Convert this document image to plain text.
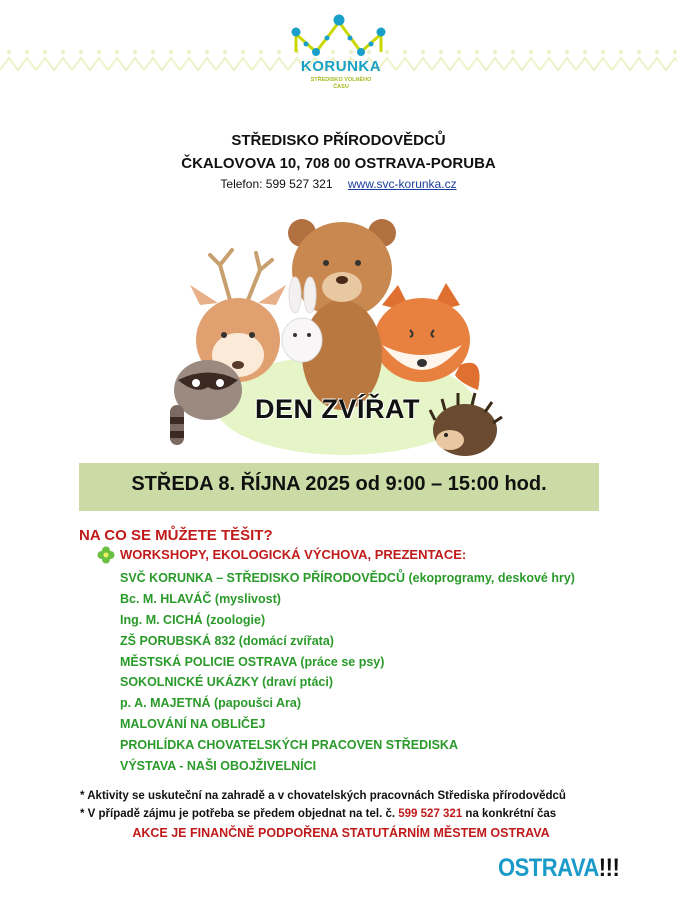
KORUNKA
STŘEDISKO VOLNÉHO
ČASU
STŘEDISKO PŘÍRODOVĚDCŮ
ČKALOVOVA 10, 708 00 OSTRAVA-PORUBA
Telefon: 599 527 321 www.svc-korunka.cz
DEN ZVÍŘAT
STŘEDA 8. ŘÍJNA 2025 od 9:00 – 15:00 hod.
NA CO SE MŮŽETE TĚŠIT?
WORKSHOPY, EKOLOGICKÁ VÝCHOVA, PREZENTACE:
SVČ KORUNKA – STŘEDISKO PŘÍRODOVĚDCŮ (ekoprogramy, deskové hry)
Bc. M. HLAVÁČ (myslivost)
Ing. M. CICHÁ (zoologie)
ZŠ PORUBSKÁ 832 (domácí zvířata)
MĚSTSKÁ POLICIE OSTRAVA (práce se psy)
SOKOLNICKÉ UKÁZKY (draví ptáci)
p. A. MAJETNÁ (papoušci Ara)
MALOVÁNÍ NA OBLIČEJ
PROHLÍDKA CHOVATELSKÝCH PRACOVEN STŘEDISKA
VÝSTAVA - NAŠI OBOJŽIVELNÍCI
* Aktivity se uskuteční na zahradě a v chovatelských pracovnách Střediska přírodovědců
* V případě zájmu je potřeba se předem objednat na tel. č. 599 527 321 na konkrétní čas
AKCE JE FINANČNĚ PODPOŘENA STATUTÁRNÍM MĚSTEM OSTRAVA
OSTRAVA!!!
